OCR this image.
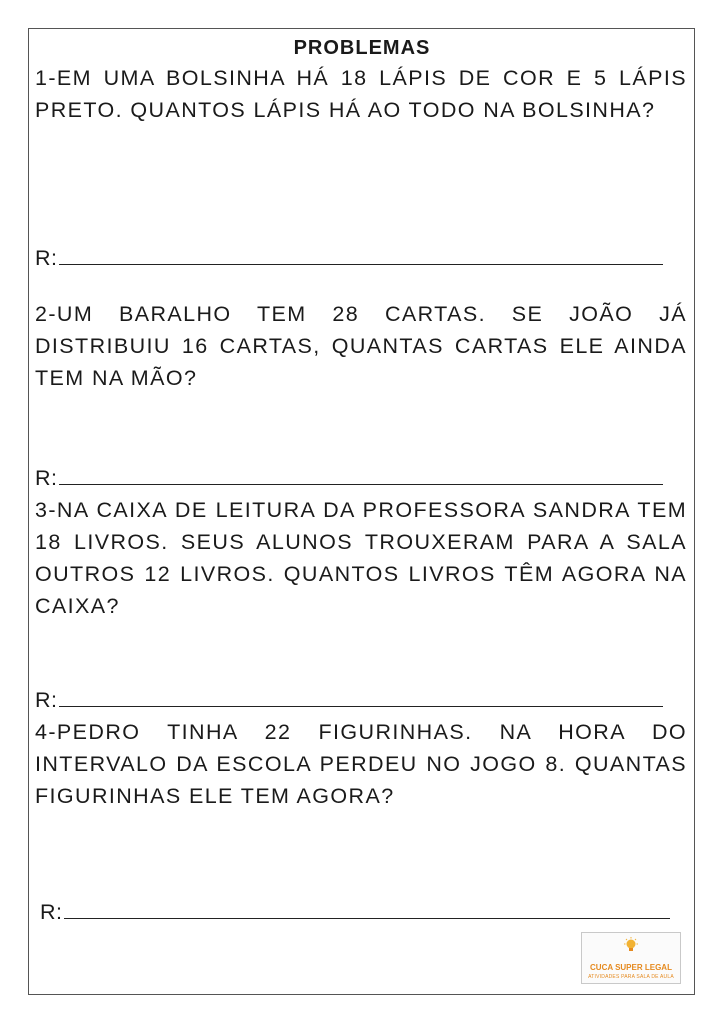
PROBLEMAS
1-EM UMA BOLSINHA HÁ 18 LÁPIS DE COR E 5 LÁPIS PRETO. QUANTOS LÁPIS HÁ AO TODO NA BOLSINHA?
R:
2-UM BARALHO TEM 28 CARTAS. SE JOÃO JÁ DISTRIBUIU 16 CARTAS, QUANTAS CARTAS ELE AINDA TEM NA MÃO?
R:
3-NA CAIXA DE LEITURA DA PROFESSORA SANDRA TEM 18 LIVROS. SEUS ALUNOS TROUXERAM PARA A SALA OUTROS 12 LIVROS. QUANTOS LIVROS TÊM AGORA NA CAIXA?
R:
4-PEDRO TINHA 22 FIGURINHAS. NA HORA DO INTERVALO DA ESCOLA PERDEU NO JOGO 8. QUANTAS FIGURINHAS ELE TEM AGORA?
R:
CUCA SUPER LEGAL
ATIVIDADES PARA SALA DE AULA
